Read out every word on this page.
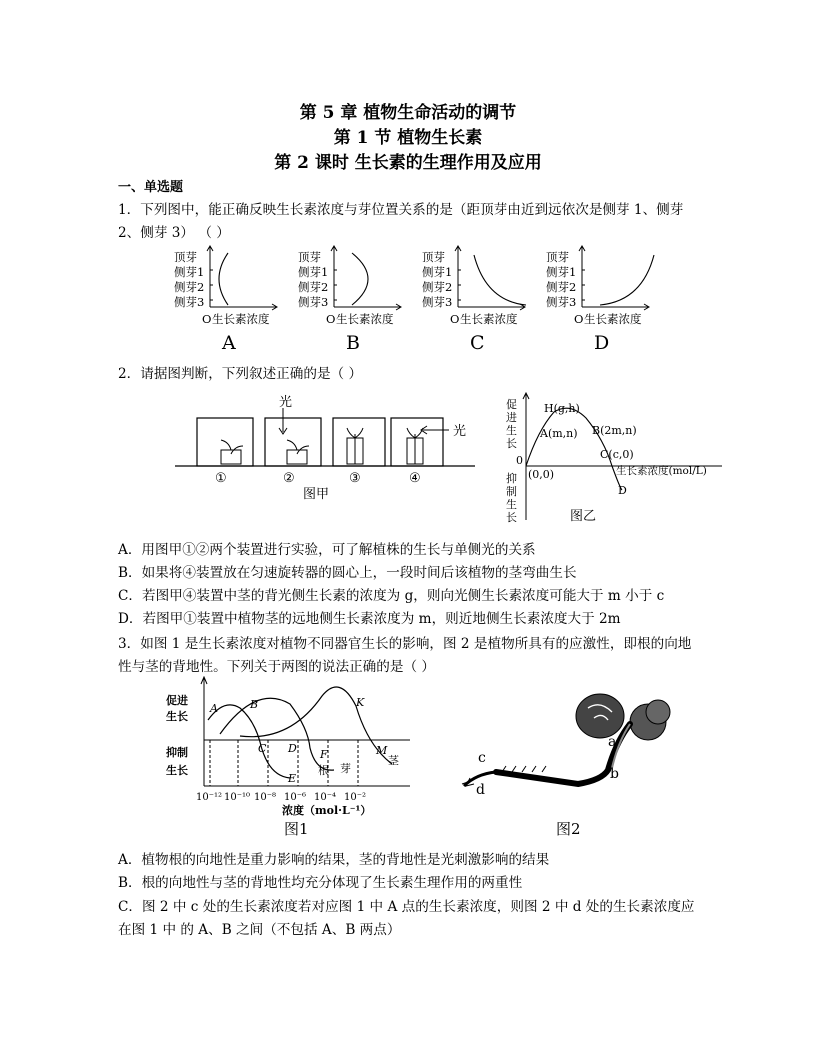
第 5 章 植物生命活动的调节
第 1 节 植物生长素
第 2 课时 生长素的生理作用及应用
一、单选题
1．下列图中，能正确反映生长素浓度与芽位置关系的是（距顶芽由近到远依次是侧芽 1、侧芽
2、侧芽 3） （ ）
顶芽
侧芽1
侧芽2
侧芽3
O 生长素浓度
A
顶芽
侧芽1
侧芽2
侧芽3
O 生长素浓度
B
顶芽
侧芽1
侧芽2
侧芽3
O 生长素浓度
C
顶芽
侧芽1
侧芽2
侧芽3
O 生长素浓度
D
2．请据图判断，下列叙述正确的是（ ）
光
光
①	②	③	④
图甲
促
进
生
长
抑
制
生
长
0
(0,0)
H(g,h)
A(m,n) B(2m,n)
C(c,0)
D
生长素浓度(mol/L)
图乙
A．用图甲①②两个装置进行实验，可了解植株的生长与单侧光的关系
B．如果将④装置放在匀速旋转器的圆心上，一段时间后该植物的茎弯曲生长
C．若图甲④装置中茎的背光侧生长素的浓度为 g，则向光侧生长素浓度可能大于 m 小于 c
D．若图甲①装置中植物茎的远地侧生长素浓度为 m，则近地侧生长素浓度大于 2m
3．如图 1 是生长素浓度对植物不同器官生长的影响，图 2 是植物所具有的应激性，即根的向地
性与茎的背地性。下列关于两图的说法正确的是（ ）
促进
生长
抑制
生长
10⁻¹² 10⁻¹⁰ 10⁻⁸ 10⁻⁶ 10⁻⁴ 10⁻²
A	B
C D
E
F
K
M
根 芽
茎
浓度（mol·L⁻¹）
图1
a
b
c
d
图2
A．植物根的向地性是重力影响的结果，茎的背地性是光刺激影响的结果
B．根的向地性与茎的背地性均充分体现了生长素生理作用的两重性
C．图 2 中 c 处的生长素浓度若对应图 1 中 A 点的生长素浓度，则图 2 中 d 处的生长素浓度应
在图 1 中 的 A、B 之间（不包括 A、B 两点）
